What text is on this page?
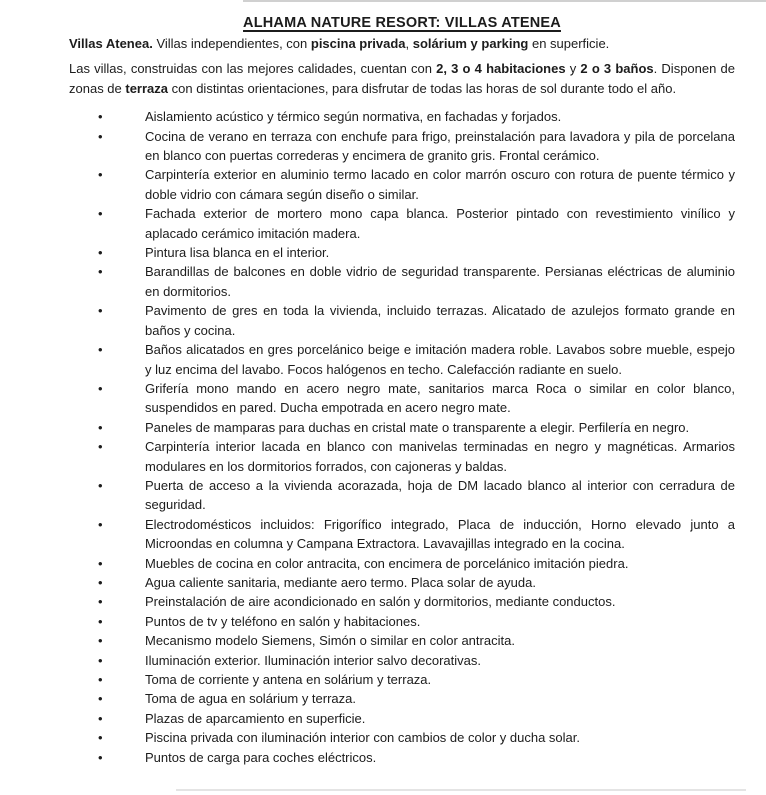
ALHAMA NATURE RESORT: VILLAS ATENEA

Villas Atenea. Villas independientes, con piscina privada, solárium y parking en superficie.

Las villas, construidas con las mejores calidades, cuentan con 2, 3 o 4 habitaciones y 2 o 3 baños. Disponen de zonas de terraza con distintas orientaciones, para disfrutar de todas las horas de sol durante todo el año.

• Aislamiento acústico y térmico según normativa, en fachadas y forjados.
• Cocina de verano en terraza con enchufe para frigo, preinstalación para lavadora y pila de porcelana en blanco con puertas correderas y encimera de granito gris. Frontal cerámico.
• Carpintería exterior en aluminio termo lacado en color marrón oscuro con rotura de puente térmico y doble vidrio con cámara según diseño o similar.
• Fachada exterior de mortero mono capa blanca. Posterior pintado con revestimiento vinílico y aplacado cerámico imitación madera.
• Pintura lisa blanca en el interior.
• Barandillas de balcones en doble vidrio de seguridad transparente. Persianas eléctricas de aluminio en dormitorios.
• Pavimento de gres en toda la vivienda, incluido terrazas. Alicatado de azulejos formato grande en baños y cocina.
• Baños alicatados en gres porcelánico beige e imitación madera roble. Lavabos sobre mueble, espejo y luz encima del lavabo. Focos halógenos en techo. Calefacción radiante en suelo.
• Grifería mono mando en acero negro mate, sanitarios marca Roca o similar en color blanco, suspendidos en pared. Ducha empotrada en acero negro mate.
• Paneles de mamparas para duchas en cristal mate o transparente a elegir. Perfilería en negro.
• Carpintería interior lacada en blanco con manivelas terminadas en negro y magnéticas. Armarios modulares en los dormitorios forrados, con cajoneras y baldas.
• Puerta de acceso a la vivienda acorazada, hoja de DM lacado blanco al interior con cerradura de seguridad.
• Electrodomésticos incluidos: Frigorífico integrado, Placa de inducción, Horno elevado junto a Microondas en columna y Campana Extractora. Lavavajillas integrado en la cocina.
• Muebles de cocina en color antracita, con encimera de porcelánico imitación piedra.
• Agua caliente sanitaria, mediante aero termo. Placa solar de ayuda.
• Preinstalación de aire acondicionado en salón y dormitorios, mediante conductos.
• Puntos de tv y teléfono en salón y habitaciones.
• Mecanismo modelo Siemens, Simón o similar en color antracita.
• Iluminación exterior. Iluminación interior salvo decorativas.
• Toma de corriente y antena en solárium y terraza.
• Toma de agua en solárium y terraza.
• Plazas de aparcamiento en superficie.
• Piscina privada con iluminación interior con cambios de color y ducha solar.
• Puntos de carga para coches eléctricos.
